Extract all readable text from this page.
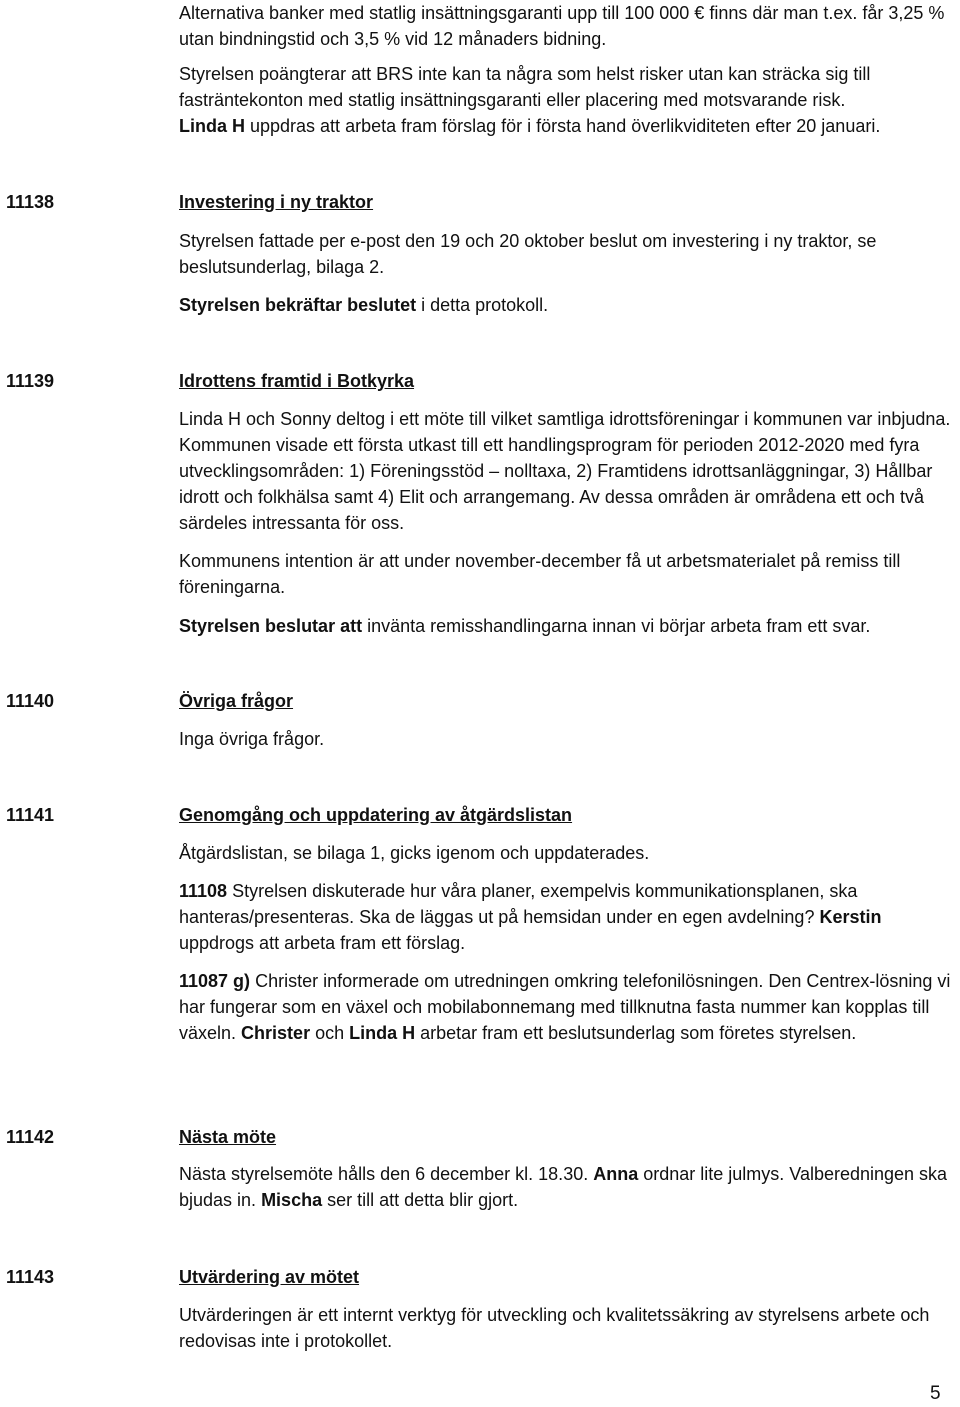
Alternativa banker med statlig insättningsgaranti upp till 100 000 € finns där man t.ex. får 3,25 % utan bindningstid och 3,5 % vid 12 månaders bidning.

Styrelsen poängterar att BRS inte kan ta några som helst risker utan kan sträcka sig till fasträntekonton med statlig insättningsgaranti eller placering med motsvarande risk.

Linda H uppdras att arbeta fram förslag för i första hand överlikviditeten efter 20 januari.

11138	Investering i ny traktor

Styrelsen fattade per e-post den 19 och 20 oktober beslut om investering i ny traktor, se beslutsunderlag, bilaga 2.

Styrelsen bekräftar beslutet i detta protokoll.

11139	Idrottens framtid i Botkyrka

Linda H och Sonny deltog i ett möte till vilket samtliga idrottsföreningar i kommunen var inbjudna. Kommunen visade ett första utkast till ett handlingsprogram för perioden 2012-2020 med fyra utvecklingsområden: 1) Föreningsstöd – nolltaxa, 2) Framtidens idrottsanläggningar, 3) Hållbar idrott och folkhälsa samt 4) Elit och arrangemang. Av dessa områden är områdena ett och två särdeles intressanta för oss.

Kommunens intention är att under november-december få ut arbetsmaterialet på remiss till föreningarna.

Styrelsen beslutar att invänta remisshandlingarna innan vi börjar arbeta fram ett svar.

11140	Övriga frågor

Inga övriga frågor.

11141	Genomgång och uppdatering av åtgärdslistan

Åtgärdslistan, se bilaga 1, gicks igenom och uppdaterades.

11108 Styrelsen diskuterade hur våra planer, exempelvis kommunikationsplanen, ska hanteras/presenteras. Ska de läggas ut på hemsidan under en egen avdelning? Kerstin uppdrogs att arbeta fram ett förslag.

11087 g) Christer informerade om utredningen omkring telefonilösningen. Den Centrex-lösning vi har fungerar som en växel och mobilabonnemang med tillknutna fasta nummer kan kopplas till växeln. Christer och Linda H arbetar fram ett beslutsunderlag som företes styrelsen.

11142	Nästa möte

Nästa styrelsemöte hålls den 6 december kl. 18.30. Anna ordnar lite julmys. Valberedningen ska bjudas in. Mischa ser till att detta blir gjort.

11143	Utvärdering av mötet

Utvärderingen är ett internt verktyg för utveckling och kvalitetssäkring av styrelsens arbete och redovisas inte i protokollet.

5
